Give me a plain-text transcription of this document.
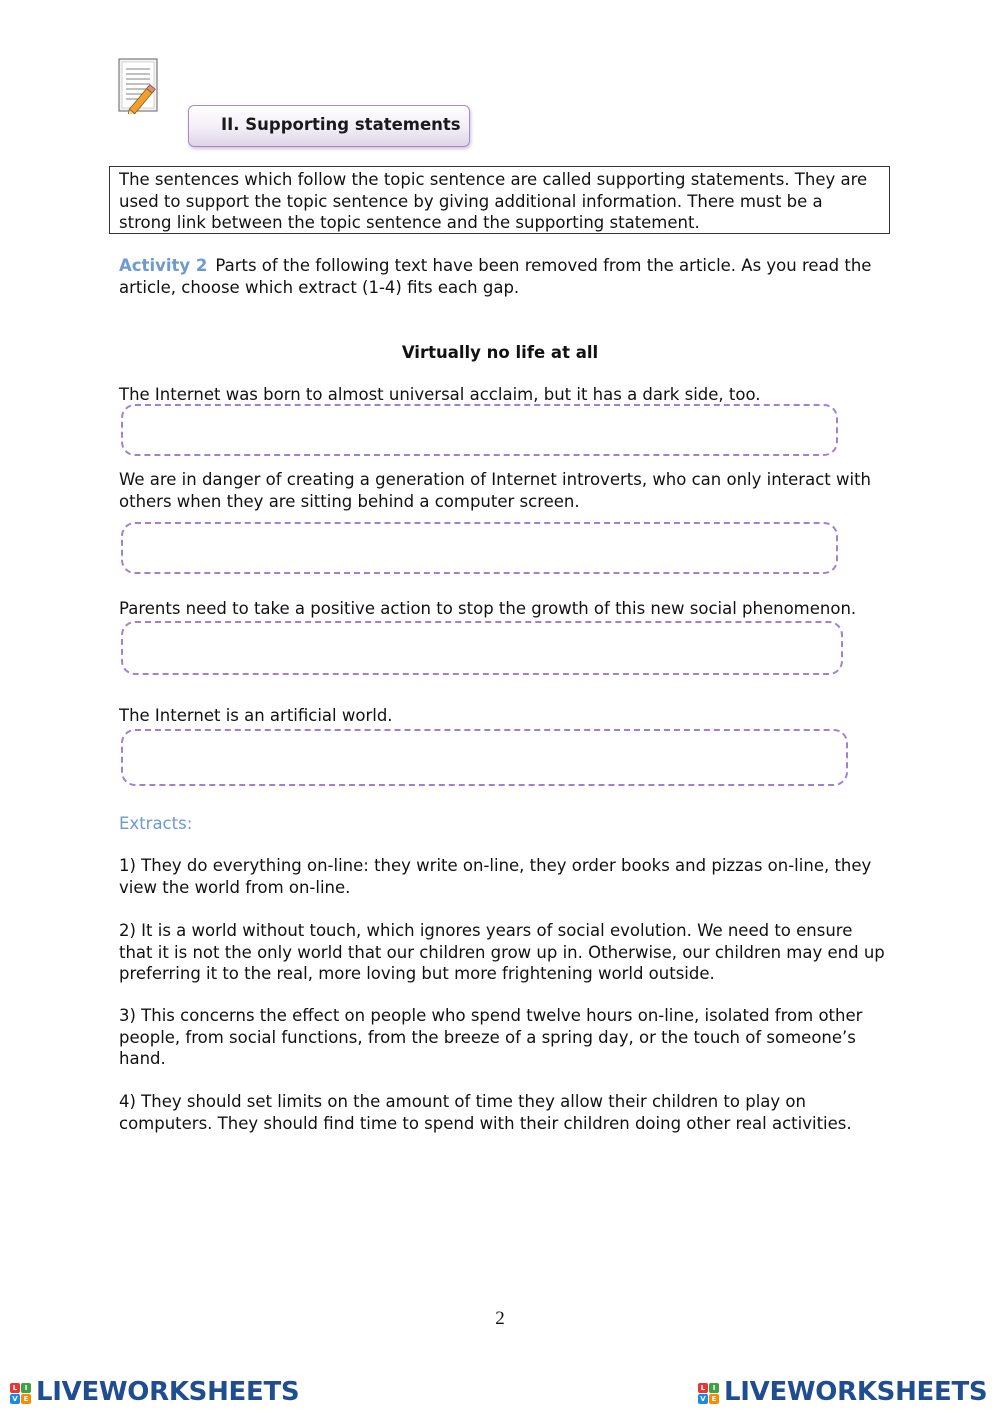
II. Supporting statements
The sentences which follow the topic sentence are called supporting statements. They are used to support the topic sentence by giving additional information. There must be a strong link between the topic sentence and the supporting statement.
Activity 2 Parts of the following text have been removed from the article. As you read the article, choose which extract (1-4) fits each gap.
Virtually no life at all
The Internet was born to almost universal acclaim, but it has a dark side, too.
We are in danger of creating a generation of Internet introverts, who can only interact with others when they are sitting behind a computer screen.
Parents need to take a positive action to stop the growth of this new social phenomenon.
The Internet is an artificial world.
Extracts:
1) They do everything on-line: they write on-line, they order books and pizzas on-line, they view the world from on-line.
2) It is a world without touch, which ignores years of social evolution. We need to ensure that it is not the only world that our children grow up in. Otherwise, our children may end up preferring it to the real, more loving but more frightening world outside.
3) This concerns the effect on people who spend twelve hours on-line, isolated from other people, from social functions, from the breeze of a spring day, or the touch of someone’s hand.
4) They should set limits on the amount of time they allow their children to play on computers. They should find time to spend with their children doing other real activities.
2
L	I
V E LIVEWORKSHEETS	L	I
V E LIVEWORKSHEETS
